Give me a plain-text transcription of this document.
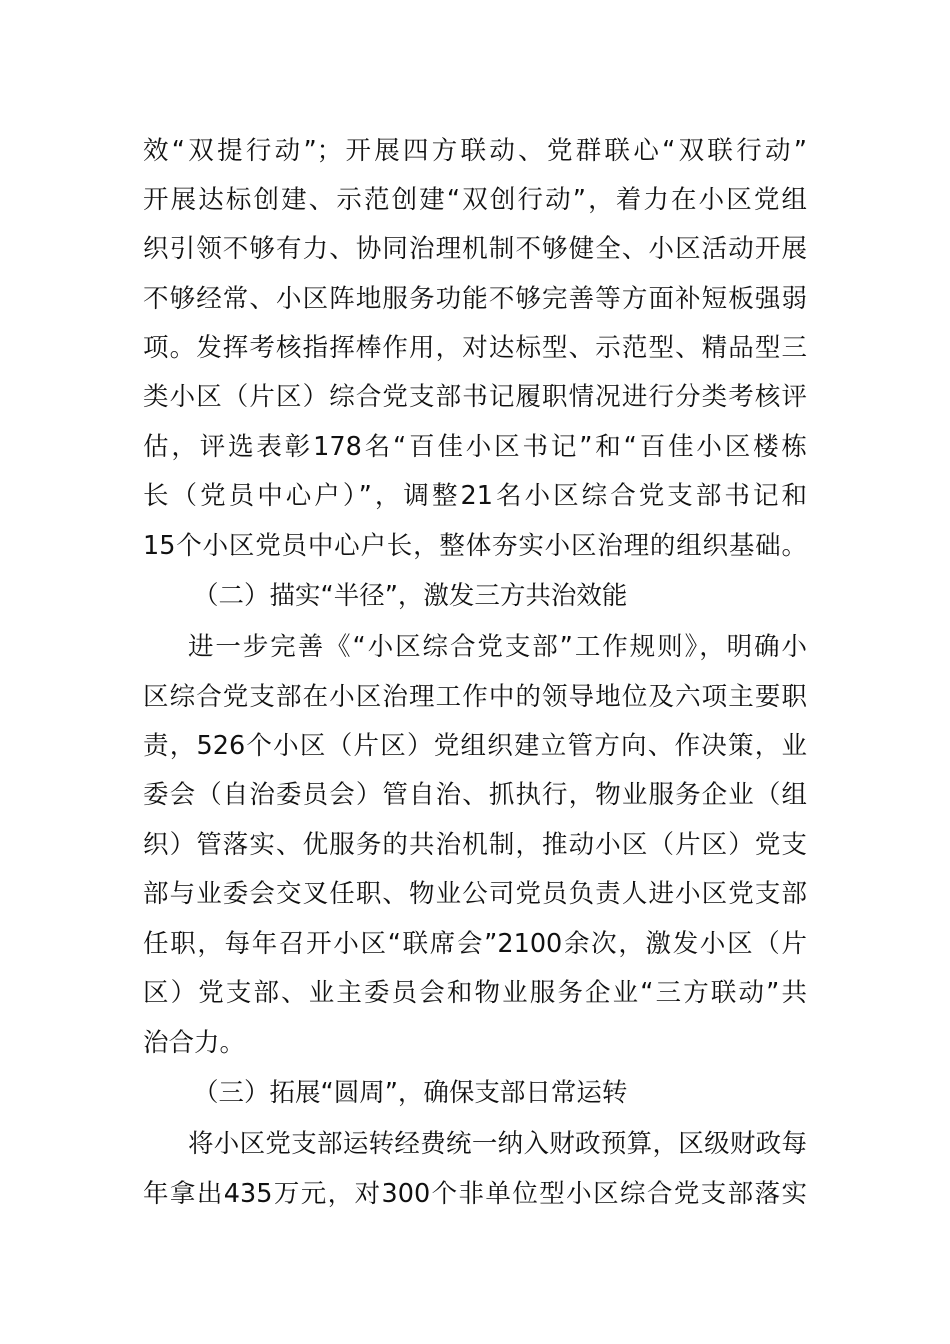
效“双提行动”；开展四方联动、党群联心“双联行动”
开展达标创建、示范创建“双创行动”，着力在小区党组
织引领不够有力、协同治理机制不够健全、小区活动开展
不够经常、小区阵地服务功能不够完善等方面补短板强弱
项。发挥考核指挥棒作用，对达标型、示范型、精品型三
类小区（片区）综合党支部书记履职情况进行分类考核评
估，评选表彰178名“百佳小区书记”和“百佳小区楼栋
长（党员中心户）”，调整21名小区综合党支部书记和
15个小区党员中心户长，整体夯实小区治理的组织基础。
（二）描实“半径”，激发三方共治效能
进一步完善《“小区综合党支部”工作规则》，明确小
区综合党支部在小区治理工作中的领导地位及六项主要职
责，526个小区（片区）党组织建立管方向、作决策，业
委会（自治委员会）管自治、抓执行，物业服务企业（组
织）管落实、优服务的共治机制，推动小区（片区）党支
部与业委会交叉任职、物业公司党员负责人进小区党支部
任职，每年召开小区“联席会”2100余次，激发小区（片
区）党支部、业主委员会和物业服务企业“三方联动”共
治合力。
（三）拓展“圆周”，确保支部日常运转
将小区党支部运转经费统一纳入财政预算，区级财政每
年拿出435万元，对300个非单位型小区综合党支部落实
